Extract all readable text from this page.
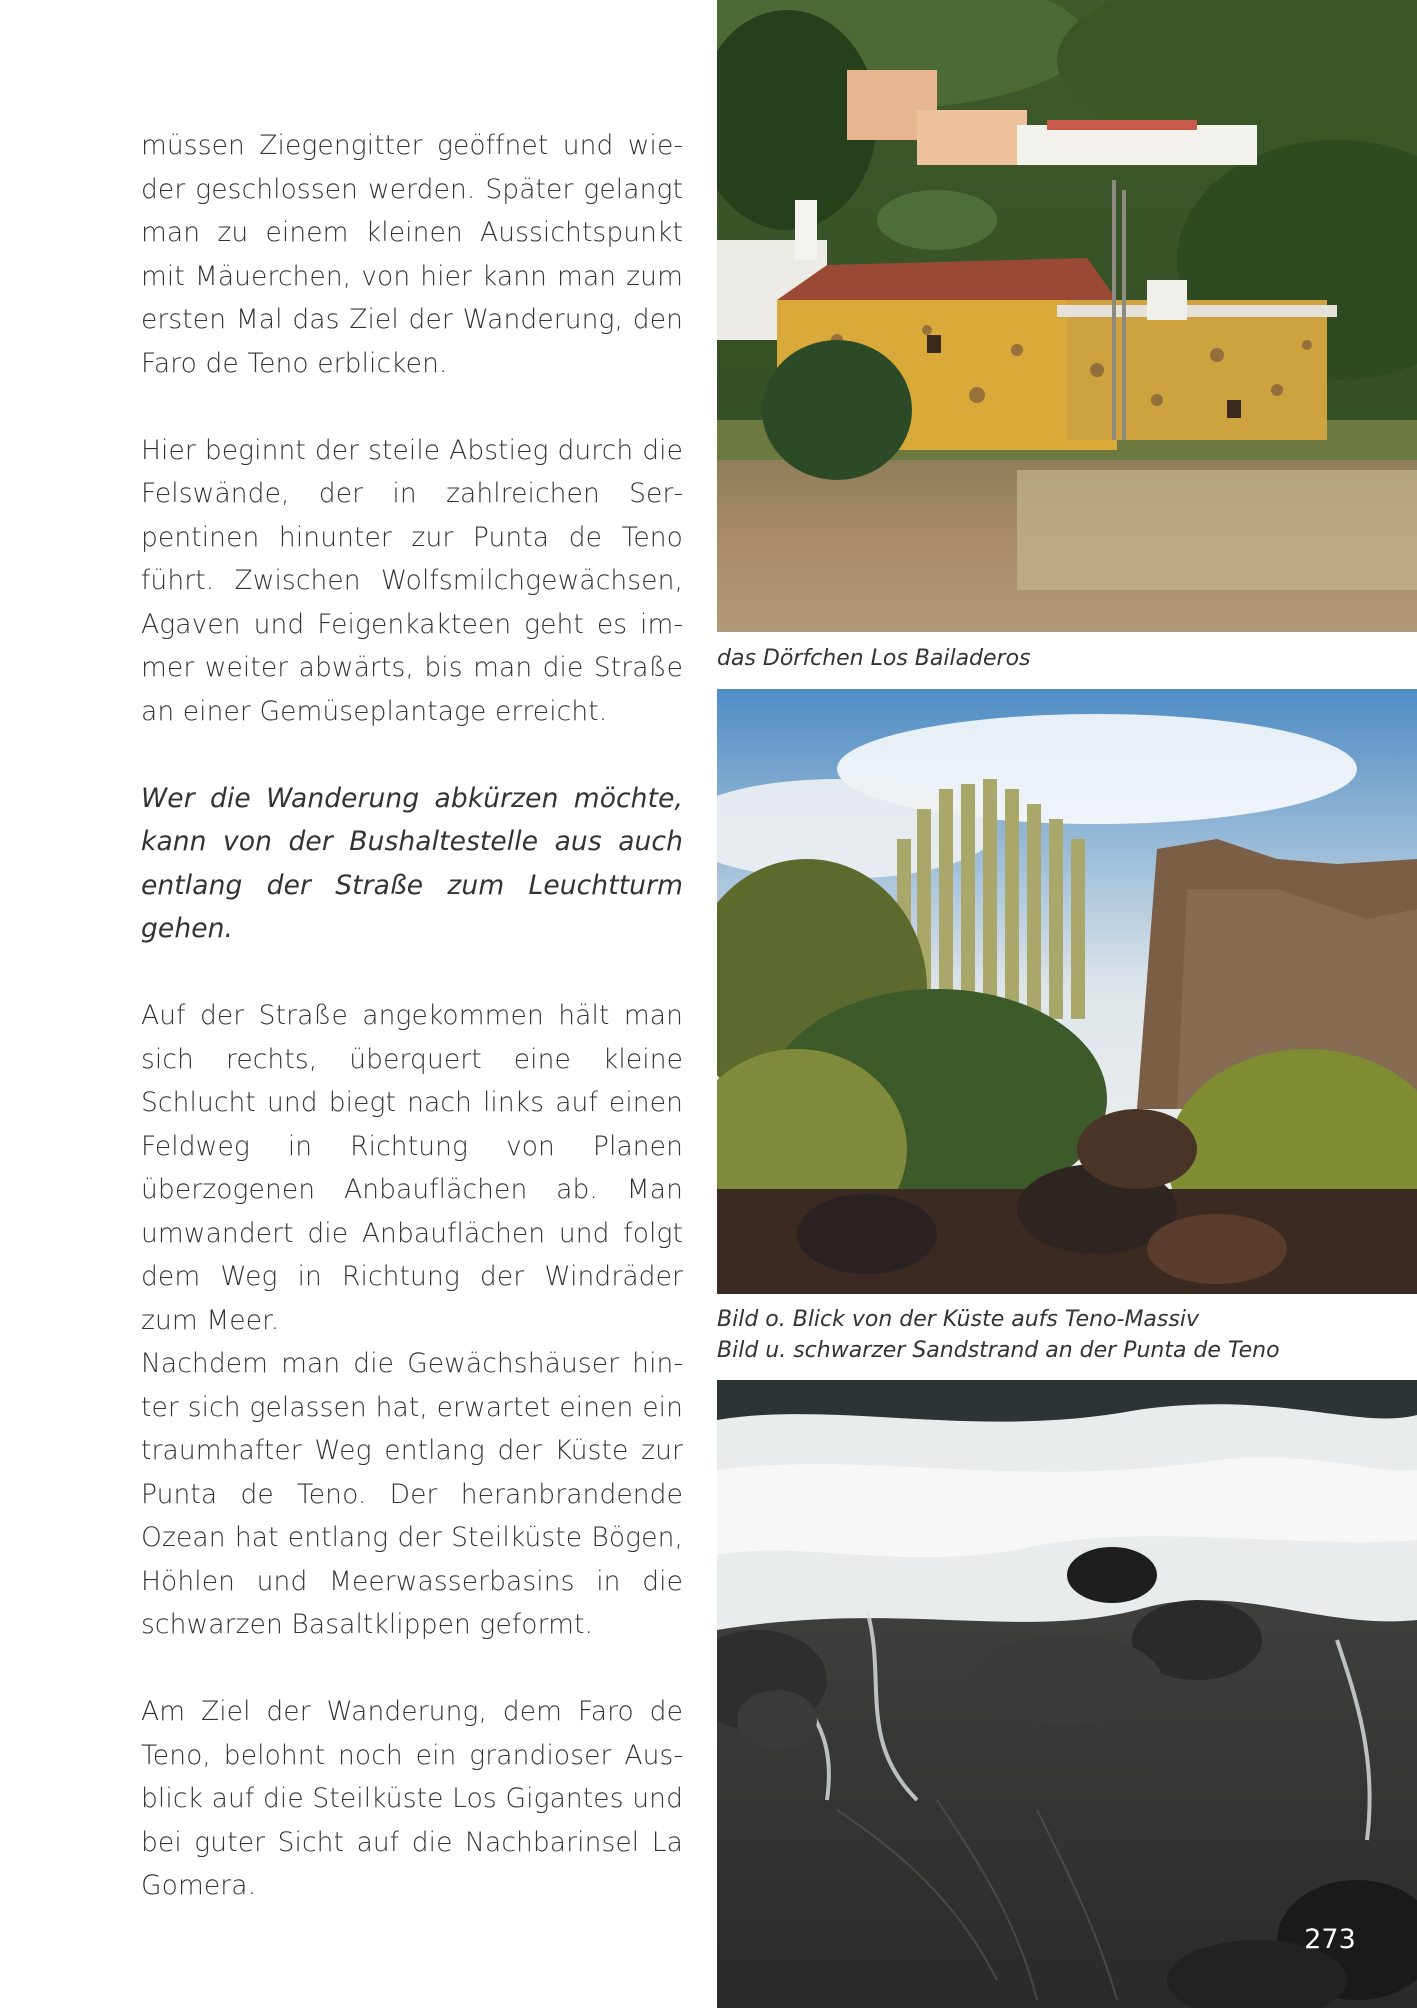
müssen Ziegengitter geöffnet und wieder geschlossen werden. Später gelangt man zu einem kleinen Aussichtspunkt mit Mäuerchen, von hier kann man zum ersten Mal das Ziel der Wanderung, den Faro de Teno erblicken.

Hier beginnt der steile Abstieg durch die Felswände, der in zahlreichen Serpentinen hinunter zur Punta de Teno führt. Zwischen Wolfsmilchgewächsen, Agaven und Feigenkakteen geht es immer weiter abwärts, bis man die Straße an einer Gemüseplantage erreicht.

Wer die Wanderung abkürzen möchte, kann von der Bushaltestelle aus auch entlang der Straße zum Leuchtturm gehen.

Auf der Straße angekommen hält man sich rechts, überquert eine kleine Schlucht und biegt nach links auf einen Feldweg in Richtung von Planen überzogenen Anbauflächen ab. Man umwandert die Anbauflächen und folgt dem Weg in Richtung der Windräder zum Meer.

Nachdem man die Gewächshäuser hinter sich gelassen hat, erwartet einen ein traumhafter Weg entlang der Küste zur Punta de Teno. Der heranbrandende Ozean hat entlang der Steilküste Bögen, Höhlen und Meerwasserbasins in die schwarzen Basaltklippen geformt.

Am Ziel der Wanderung, dem Faro de Teno, belohnt noch ein grandioser Ausblick auf die Steilküste Los Gigantes und bei guter Sicht auf die Nachbarinsel La Gomera.

das Dörfchen Los Bailaderos
Bild o. Blick von der Küste aufs Teno-Massiv
Bild u. schwarzer Sandstrand an der Punta de Teno
273
